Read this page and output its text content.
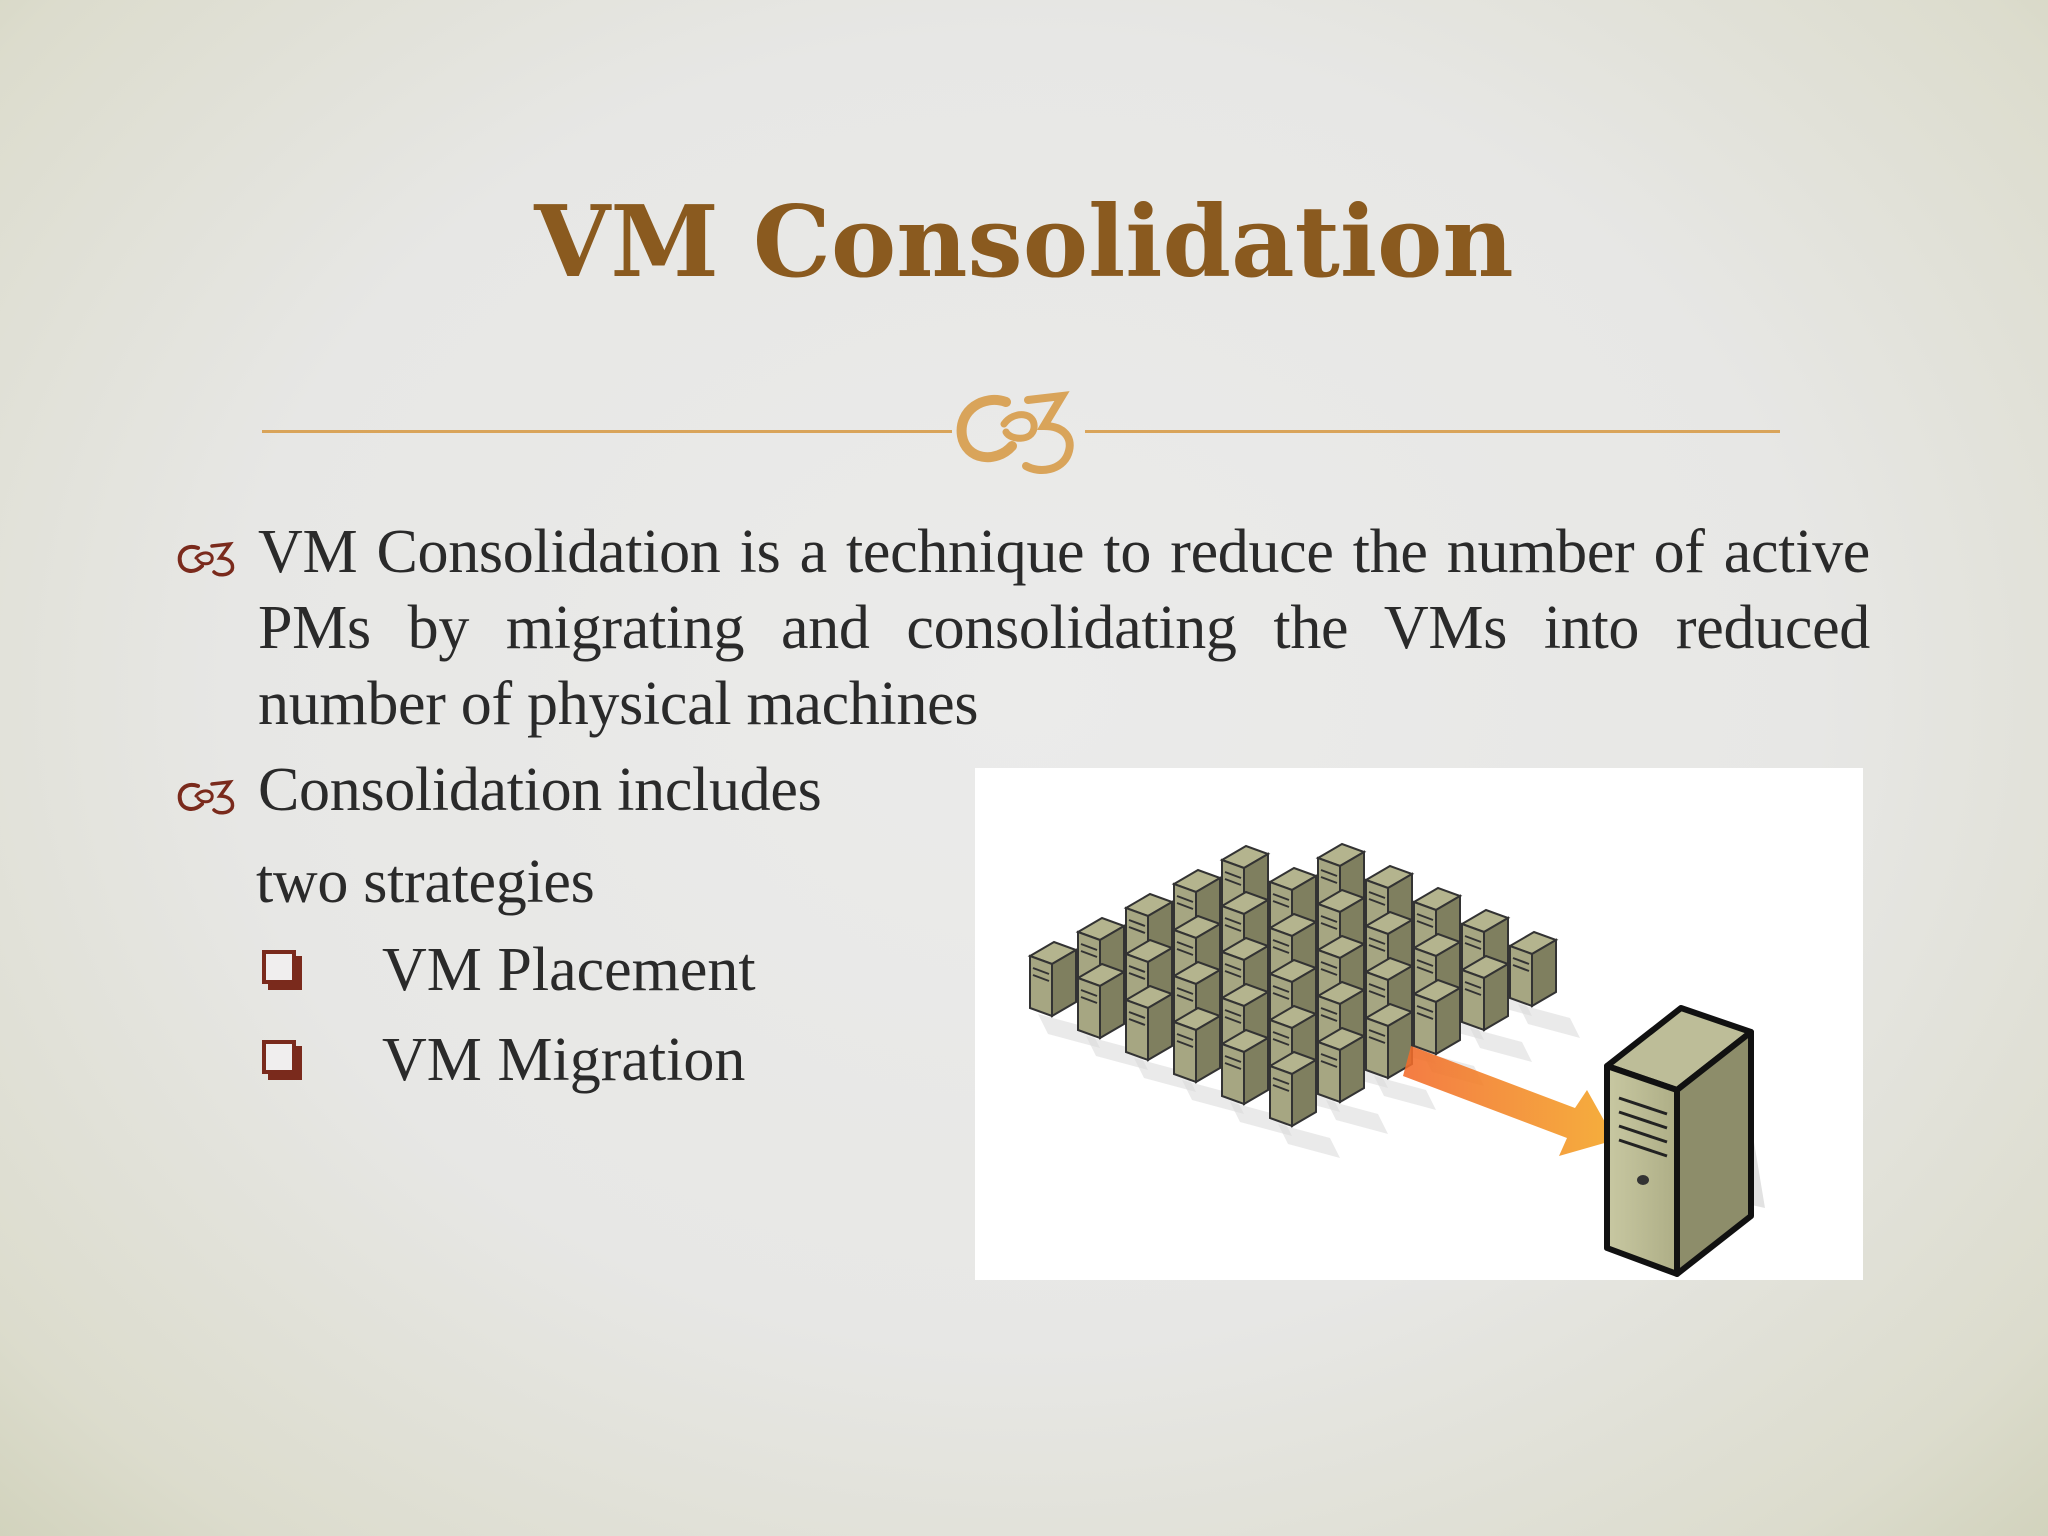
VM Consolidation

VM Consolidation is a technique to reduce the number of active PMs by migrating and consolidating the VMs into reduced number of physical machines

Consolidation includes

two strategies

VM Placement
VM Migration
